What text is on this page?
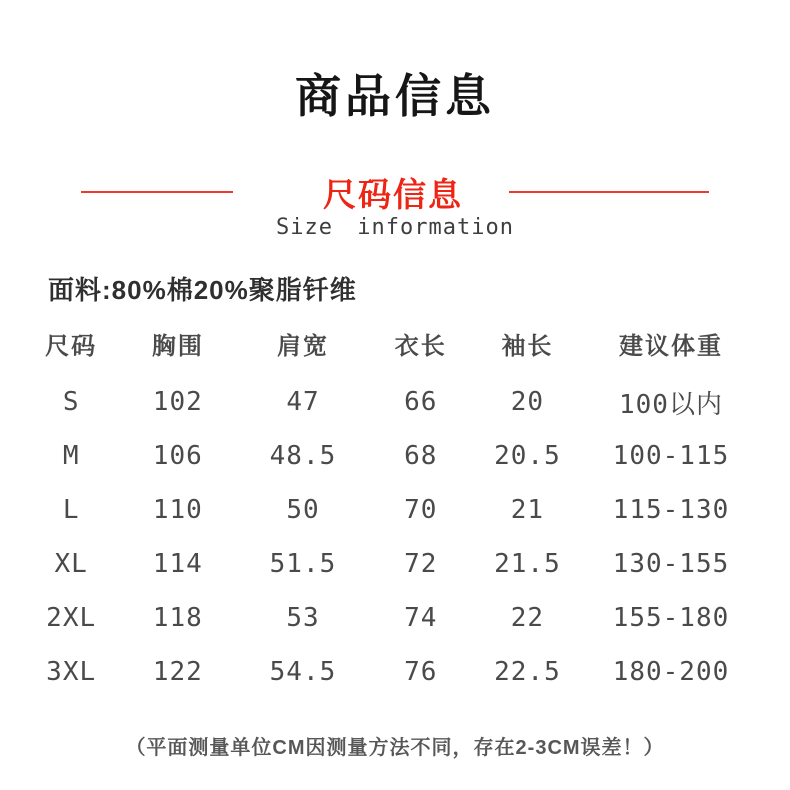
商品信息
尺码信息
Size information
面料:80%棉20%聚脂钎维
尺码	胸围	肩宽	衣长	袖长	建议体重
S	102	47	66	20	100以内
M	106	48.5	68	20.5	100-115
L	110	50	70	21	115-130
XL	114	51.5	72	21.5	130-155
2XL	118	53	74	22	155-180
3XL	122	54.5	76	22.5	180-200
（平面测量单位CM因测量方法不同，存在2-3CM误差！）
